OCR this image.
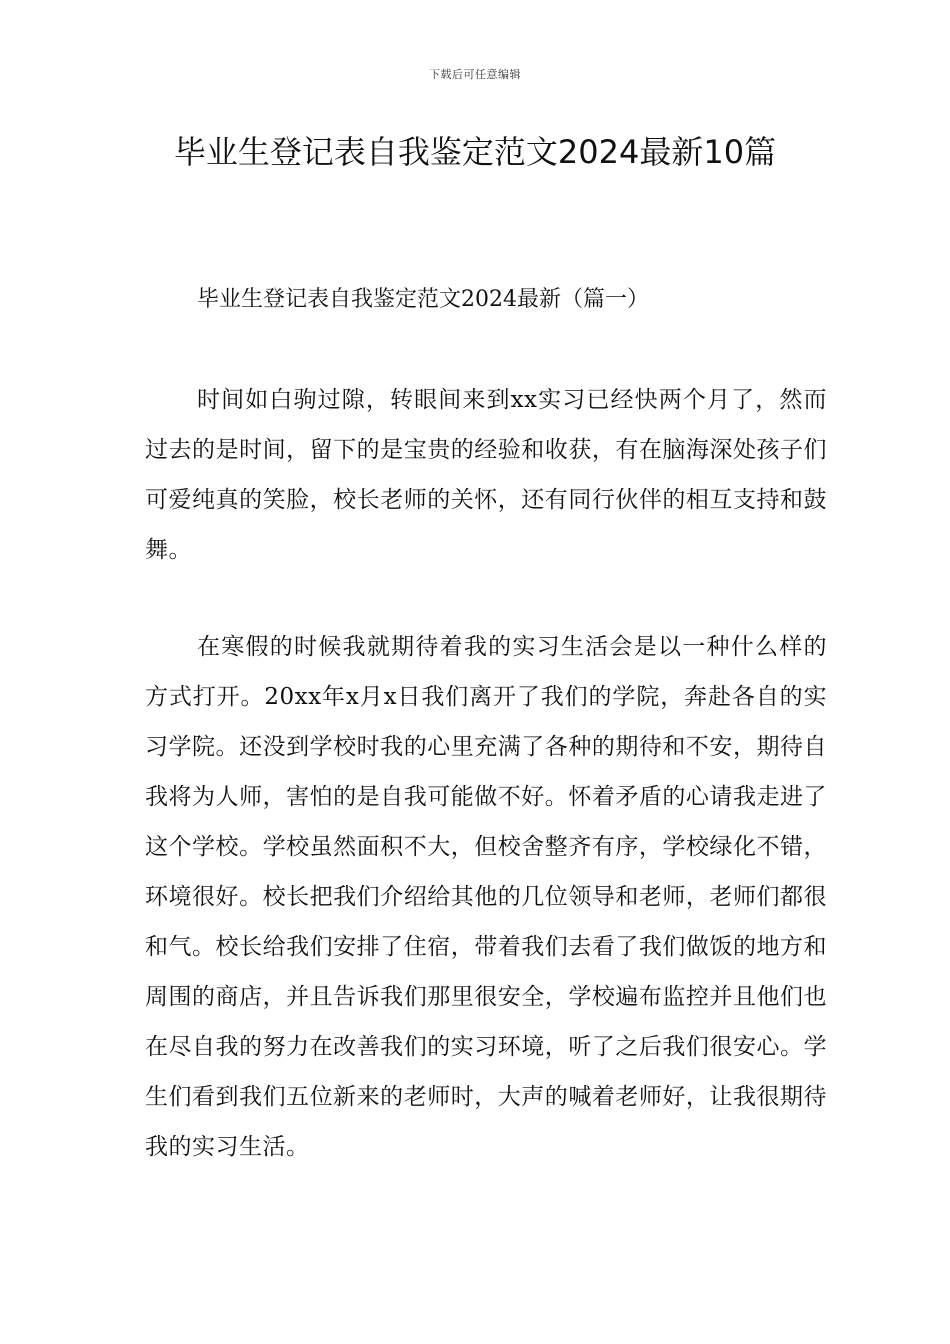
下载后可任意编辑
毕业生登记表自我鉴定范文2024最新10篇
毕业生登记表自我鉴定范文2024最新（篇一）

时间如白驹过隙，转眼间来到xx实习已经快两个月了，然而过去的是时间，留下的是宝贵的经验和收获，有在脑海深处孩子们可爱纯真的笑脸，校长老师的关怀，还有同行伙伴的相互支持和鼓舞。

在寒假的时候我就期待着我的实习生活会是以一种什么样的方式打开。20xx年x月x日我们离开了我们的学院，奔赴各自的实习学院。还没到学校时我的心里充满了各种的期待和不安，期待自我将为人师，害怕的是自我可能做不好。怀着矛盾的心请我走进了这个学校。学校虽然面积不大，但校舍整齐有序，学校绿化不错，环境很好。校长把我们介绍给其他的几位领导和老师，老师们都很和气。校长给我们安排了住宿，带着我们去看了我们做饭的地方和周围的商店，并且告诉我们那里很安全，学校遍布监控并且他们也在尽自我的努力在改善我们的实习环境，听了之后我们很安心。学生们看到我们五位新来的老师时，大声的喊着老师好，让我很期待我的实习生活。
